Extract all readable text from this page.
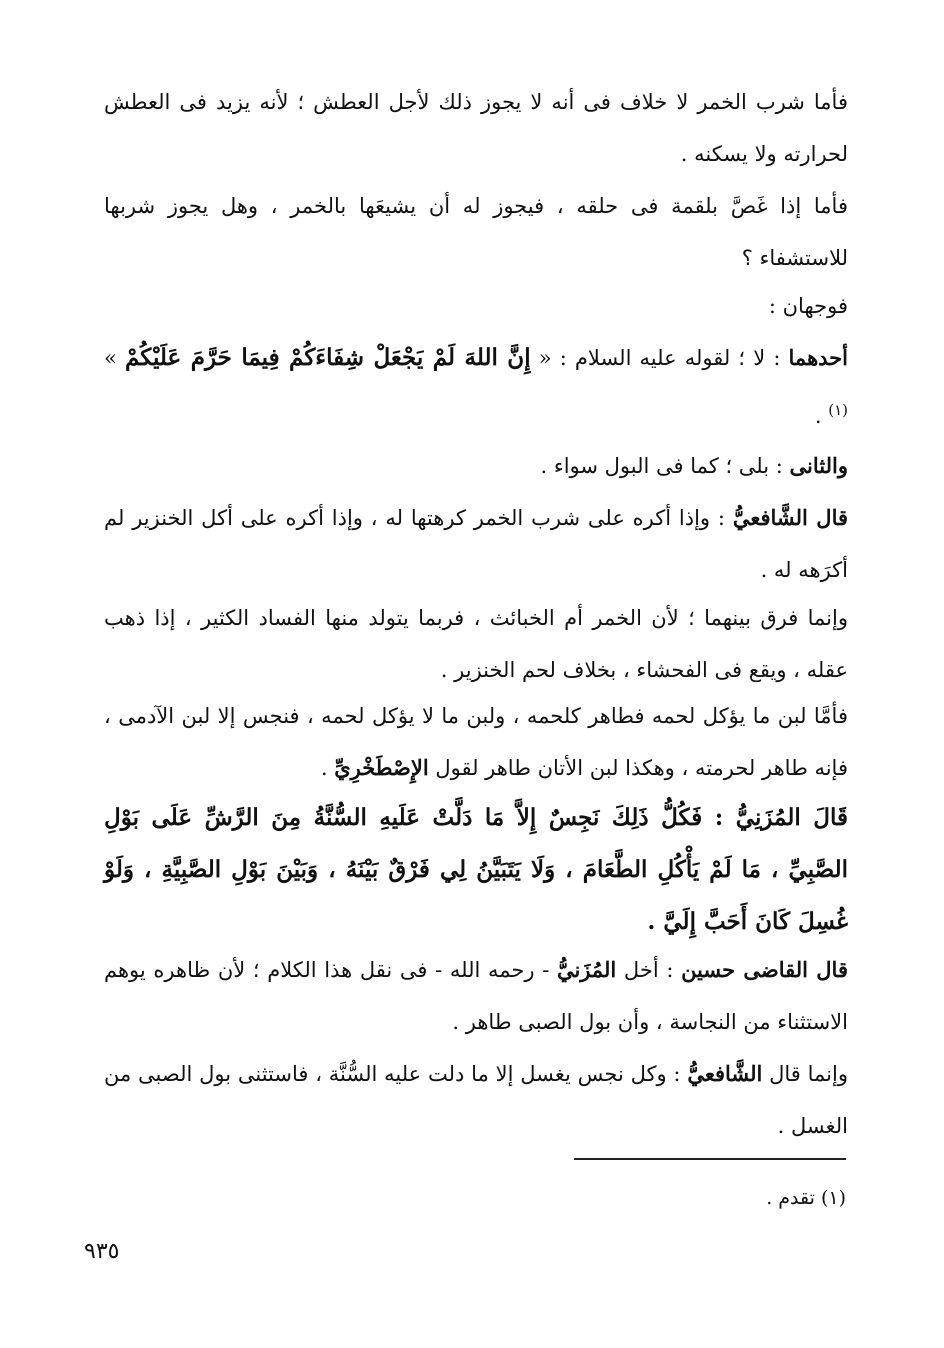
فأما شرب الخمر لا خلاف فى أنه لا يجوز ذلك لأجل العطش ؛ لأنه يزيد فى العطش لحرارته ولا يسكنه .

فأما إذا غَصَّ بلقمة فى حلقه ، فيجوز له أن يشيعَها بالخمر ، وهل يجوز شربها للاستشفاء ؟

فوجهان :

أحدهما : لا ؛ لقوله عليه السلام : « إِنَّ اللهَ لَمْ يَجْعَلْ شِفَاءَكُمْ فِيمَا حَرَّمَ عَلَيْكُمْ » $^{(١)}$ .

والثانى : بلى ؛ كما فى البول سواء .

قال الشَّافعيُّ : وإذا أكره على شرب الخمر كرهتها له ، وإذا أكره على أكل الخنزير لم أكرَهه له .

وإنما فرق بينهما ؛ لأن الخمر أم الخبائث ، فربما يتولد منها الفساد الكثير ، إذا ذهب عقله ، ويقع فى الفحشاء ، بخلاف لحم الخنزير .

فأمَّا لبن ما يؤكل لحمه فطاهر كلحمه ، ولبن ما لا يؤكل لحمه ، فنجس إلا لبن الآدمى ، فإنه طاهر لحرمته ، وهكذا لبن الأتان طاهر لقول الإِصْطَخْرِيِّ .

قَالَ المُزَنِيُّ : فَكُلُّ ذَلِكَ نَجِسٌ إِلاَّ مَا دَلَّتْ عَلَيهِ السُّنَّةُ مِنَ الرَّشِّ عَلَى بَوْلِ الصَّبِيِّ ، مَا لَمْ يَأْكُلِ الطَّعَامَ ، وَلَا يَتَبَيَّنُ لِي فَرْقٌ بَيْنَهُ ، وَبَيْنَ بَوْلِ الصَّبِيَّةِ ، وَلَوْ غُسِلَ كَانَ أَحَبَّ إِلَيَّ .

قال القاضى حسين : أخل المُزَنيُّ - رحمه الله - فى نقل هذا الكلام ؛ لأن ظاهره يوهم الاستثناء من النجاسة ، وأن بول الصبى طاهر .

وإنما قال الشَّافعيُّ : وكل نجس يغسل إلا ما دلت عليه السُّنَّة ، فاستثنى بول الصبى من الغسل .

(١) تقدم .

٩٣٥
